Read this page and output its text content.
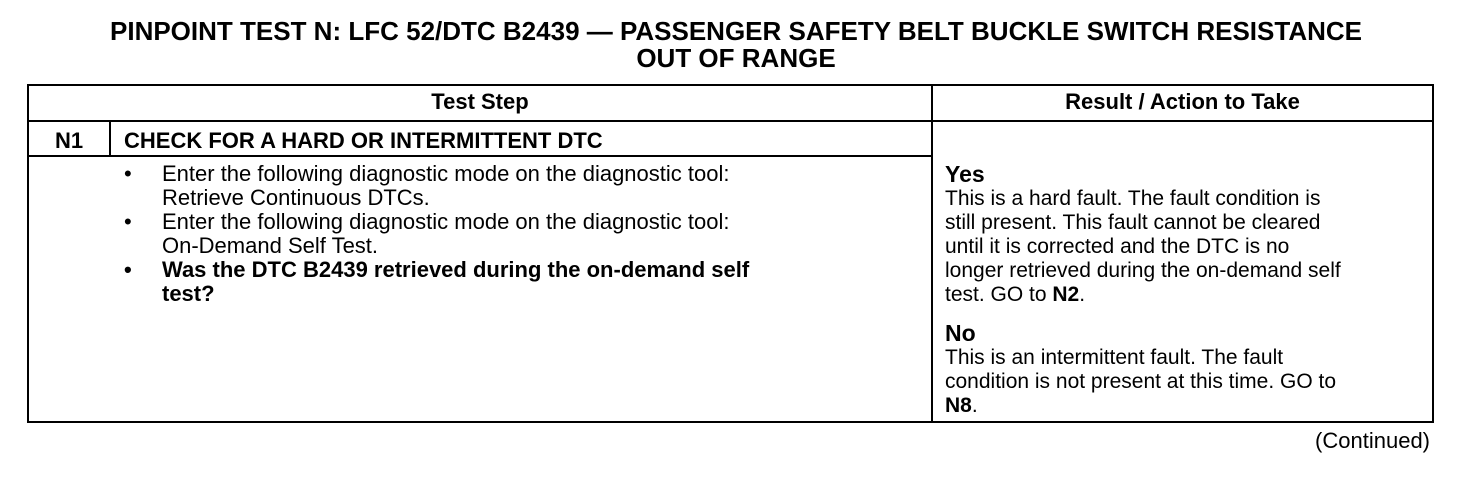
PINPOINT TEST N: LFC 52/DTC B2439 — PASSENGER SAFETY BELT BUCKLE SWITCH RESISTANCE
OUT OF RANGE
Test Step	Result / Action to Take
N1	CHECK FOR A HARD OR INTERMITTENT DTC
• Enter the following diagnostic mode on the diagnostic tool:
Retrieve Continuous DTCs.
• Enter the following diagnostic mode on the diagnostic tool:
On-Demand Self Test.
• Was the DTC B2439 retrieved during the on-demand self
test?
Yes
This is a hard fault. The fault condition is
still present. This fault cannot be cleared
until it is corrected and the DTC is no
longer retrieved during the on-demand self
test. GO to N2.
No
This is an intermittent fault. The fault
condition is not present at this time. GO to
N8.
(Continued)
